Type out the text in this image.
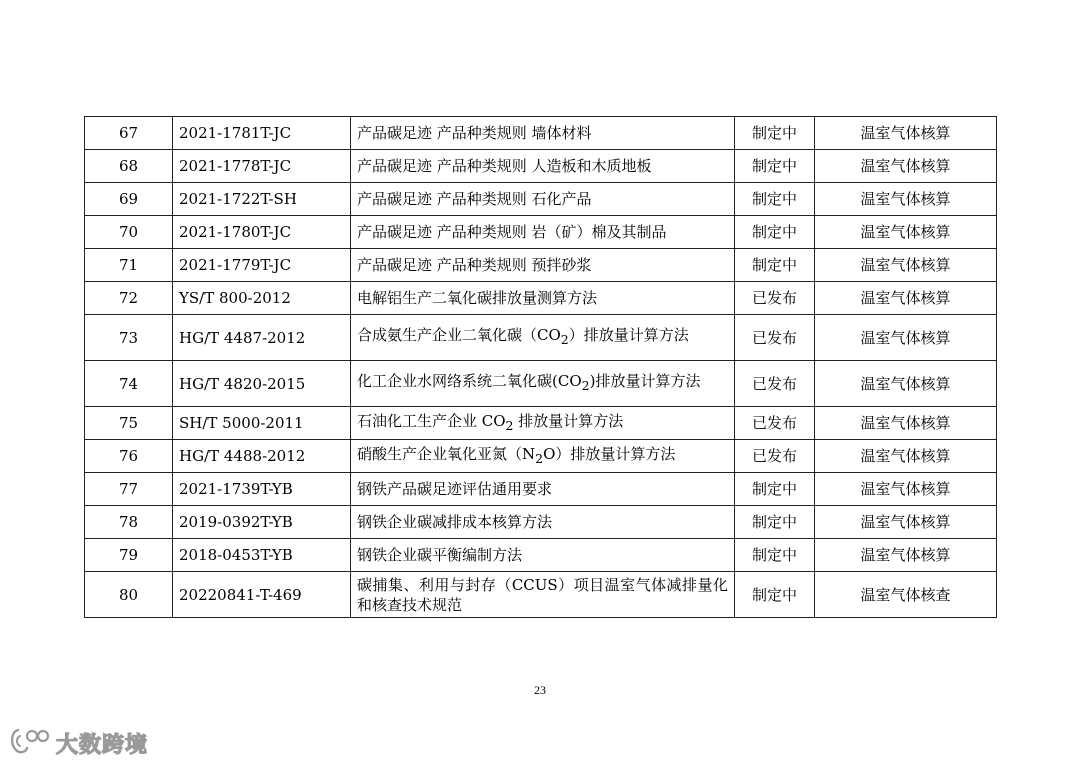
67	2021-1781T-JC	产品碳足迹 产品种类规则 墙体材料	制定中	温室气体核算
68	2021-1778T-JC	产品碳足迹 产品种类规则 人造板和木质地板	制定中	温室气体核算
69	2021-1722T-SH	产品碳足迹 产品种类规则 石化产品	制定中	温室气体核算
70	2021-1780T-JC	产品碳足迹 产品种类规则 岩（矿）棉及其制品	制定中	温室气体核算
71	2021-1779T-JC	产品碳足迹 产品种类规则 预拌砂浆	制定中	温室气体核算
72	YS/T 800-2012	电解铝生产二氧化碳排放量测算方法	已发布	温室气体核算
73	HG/T 4487-2012	合成氨生产企业二氧化碳$(CO_2)$排放量计算方法	已发布	温室气体核算
74	HG/T 4820-2015	化工企业水网络系统二氧化碳$(CO_2)$排放量计算方法	已发布	温室气体核算
75	SH/T 5000-2011	石油化工生产企业 $CO_2$ 排放量计算方法	已发布	温室气体核算
76	HG/T 4488-2012	硝酸生产企业氧化亚氮$(N_2O)$排放量计算方法	已发布	温室气体核算
77	2021-1739T-YB	钢铁产品碳足迹评估通用要求	制定中	温室气体核算
78	2019-0392T-YB	钢铁企业碳减排成本核算方法	制定中	温室气体核算
79	2018-0453T-YB	钢铁企业碳平衡编制方法	制定中	温室气体核算
80	20220841-T-469	碳捕集、利用与封存（CCUS）项目温室气体减排量化和核查技术规范	制定中	温室气体核查
23
大数跨境
